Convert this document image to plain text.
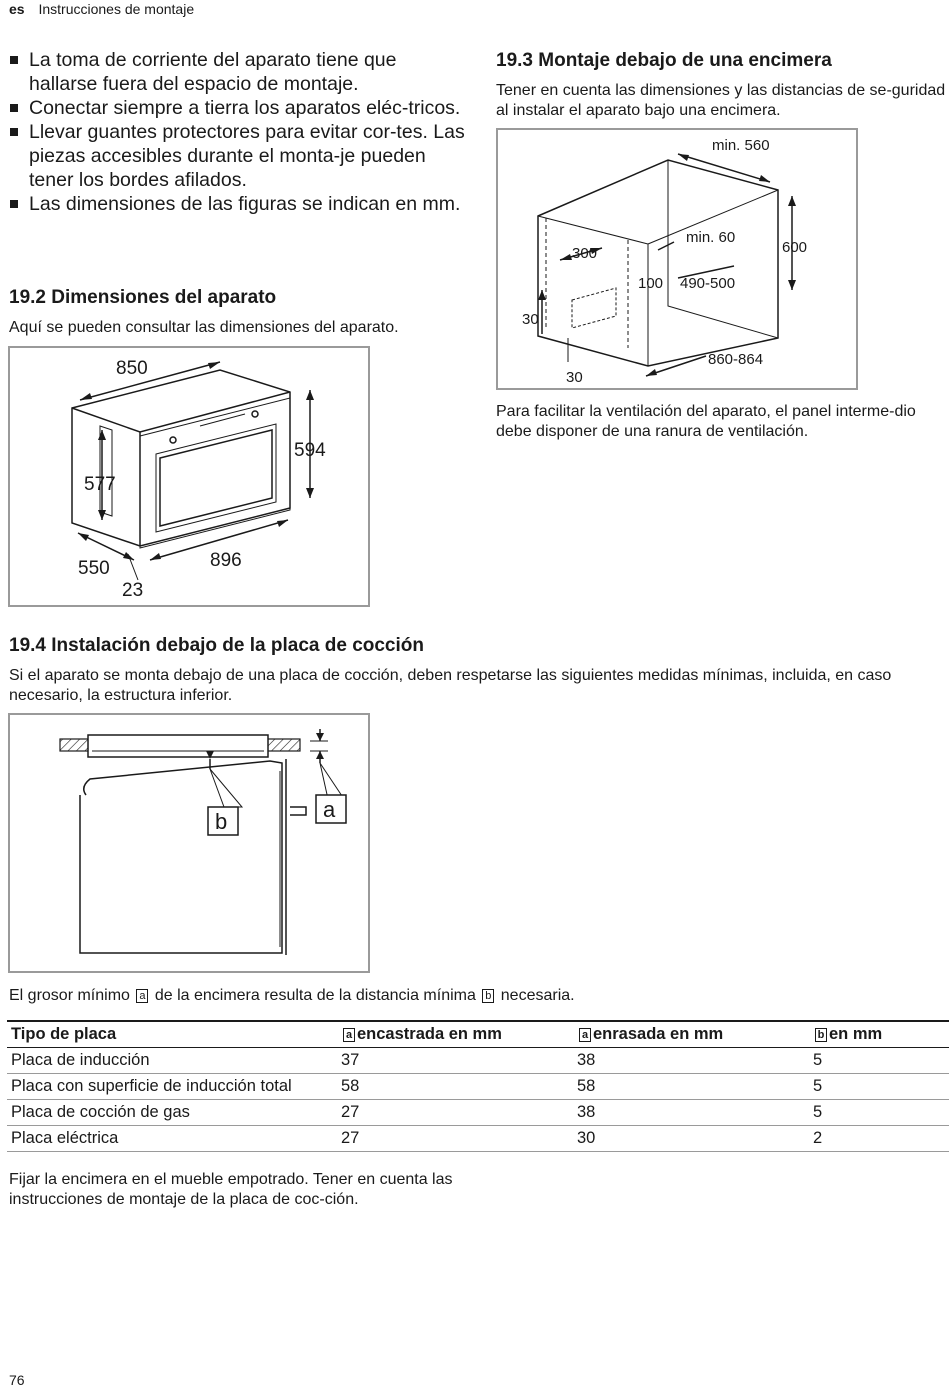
es Instrucciones de montaje
La toma de corriente del aparato tiene que hallarse fuera del espacio de montaje.
Conectar siempre a tierra los aparatos eléc-tricos.
Llevar guantes protectores para evitar cor-tes. Las piezas accesibles durante el monta-je pueden tener los bordes afilados.
Las dimensiones de las figuras se indican en mm.
19.2 Dimensiones del aparato
Aquí se pueden consultar las dimensiones del aparato.
850
594
577
550	896
23
19.3 Montaje debajo de una encimera
Tener en cuenta las dimensiones y las distancias de se-guridad al instalar el aparato bajo una encimera.
min. 560
600
min. 60
300
100 490-500
860-864
30
30
Para facilitar la ventilación del aparato, el panel interme-dio debe disponer de una ranura de ventilación.
19.4 Instalación debajo de la placa de cocción
Si el aparato se monta debajo de una placa de cocción, deben respetarse las siguientes medidas mínimas, incluida, en caso necesario, la estructura inferior.
b	a
El grosor mínimo a de la encimera resulta de la distancia mínima b necesaria.
Tipo de placa	a encastrada en mm	a enrasada en mm	b en mm
Placa de inducción	37	38	5
Placa con superficie de inducción total	58	58	5
Placa de cocción de gas	27	38	5
Placa eléctrica	27	30	2
Fijar la encimera en el mueble empotrado. Tener en cuenta las instrucciones de montaje de la placa de coc-ción.
76
